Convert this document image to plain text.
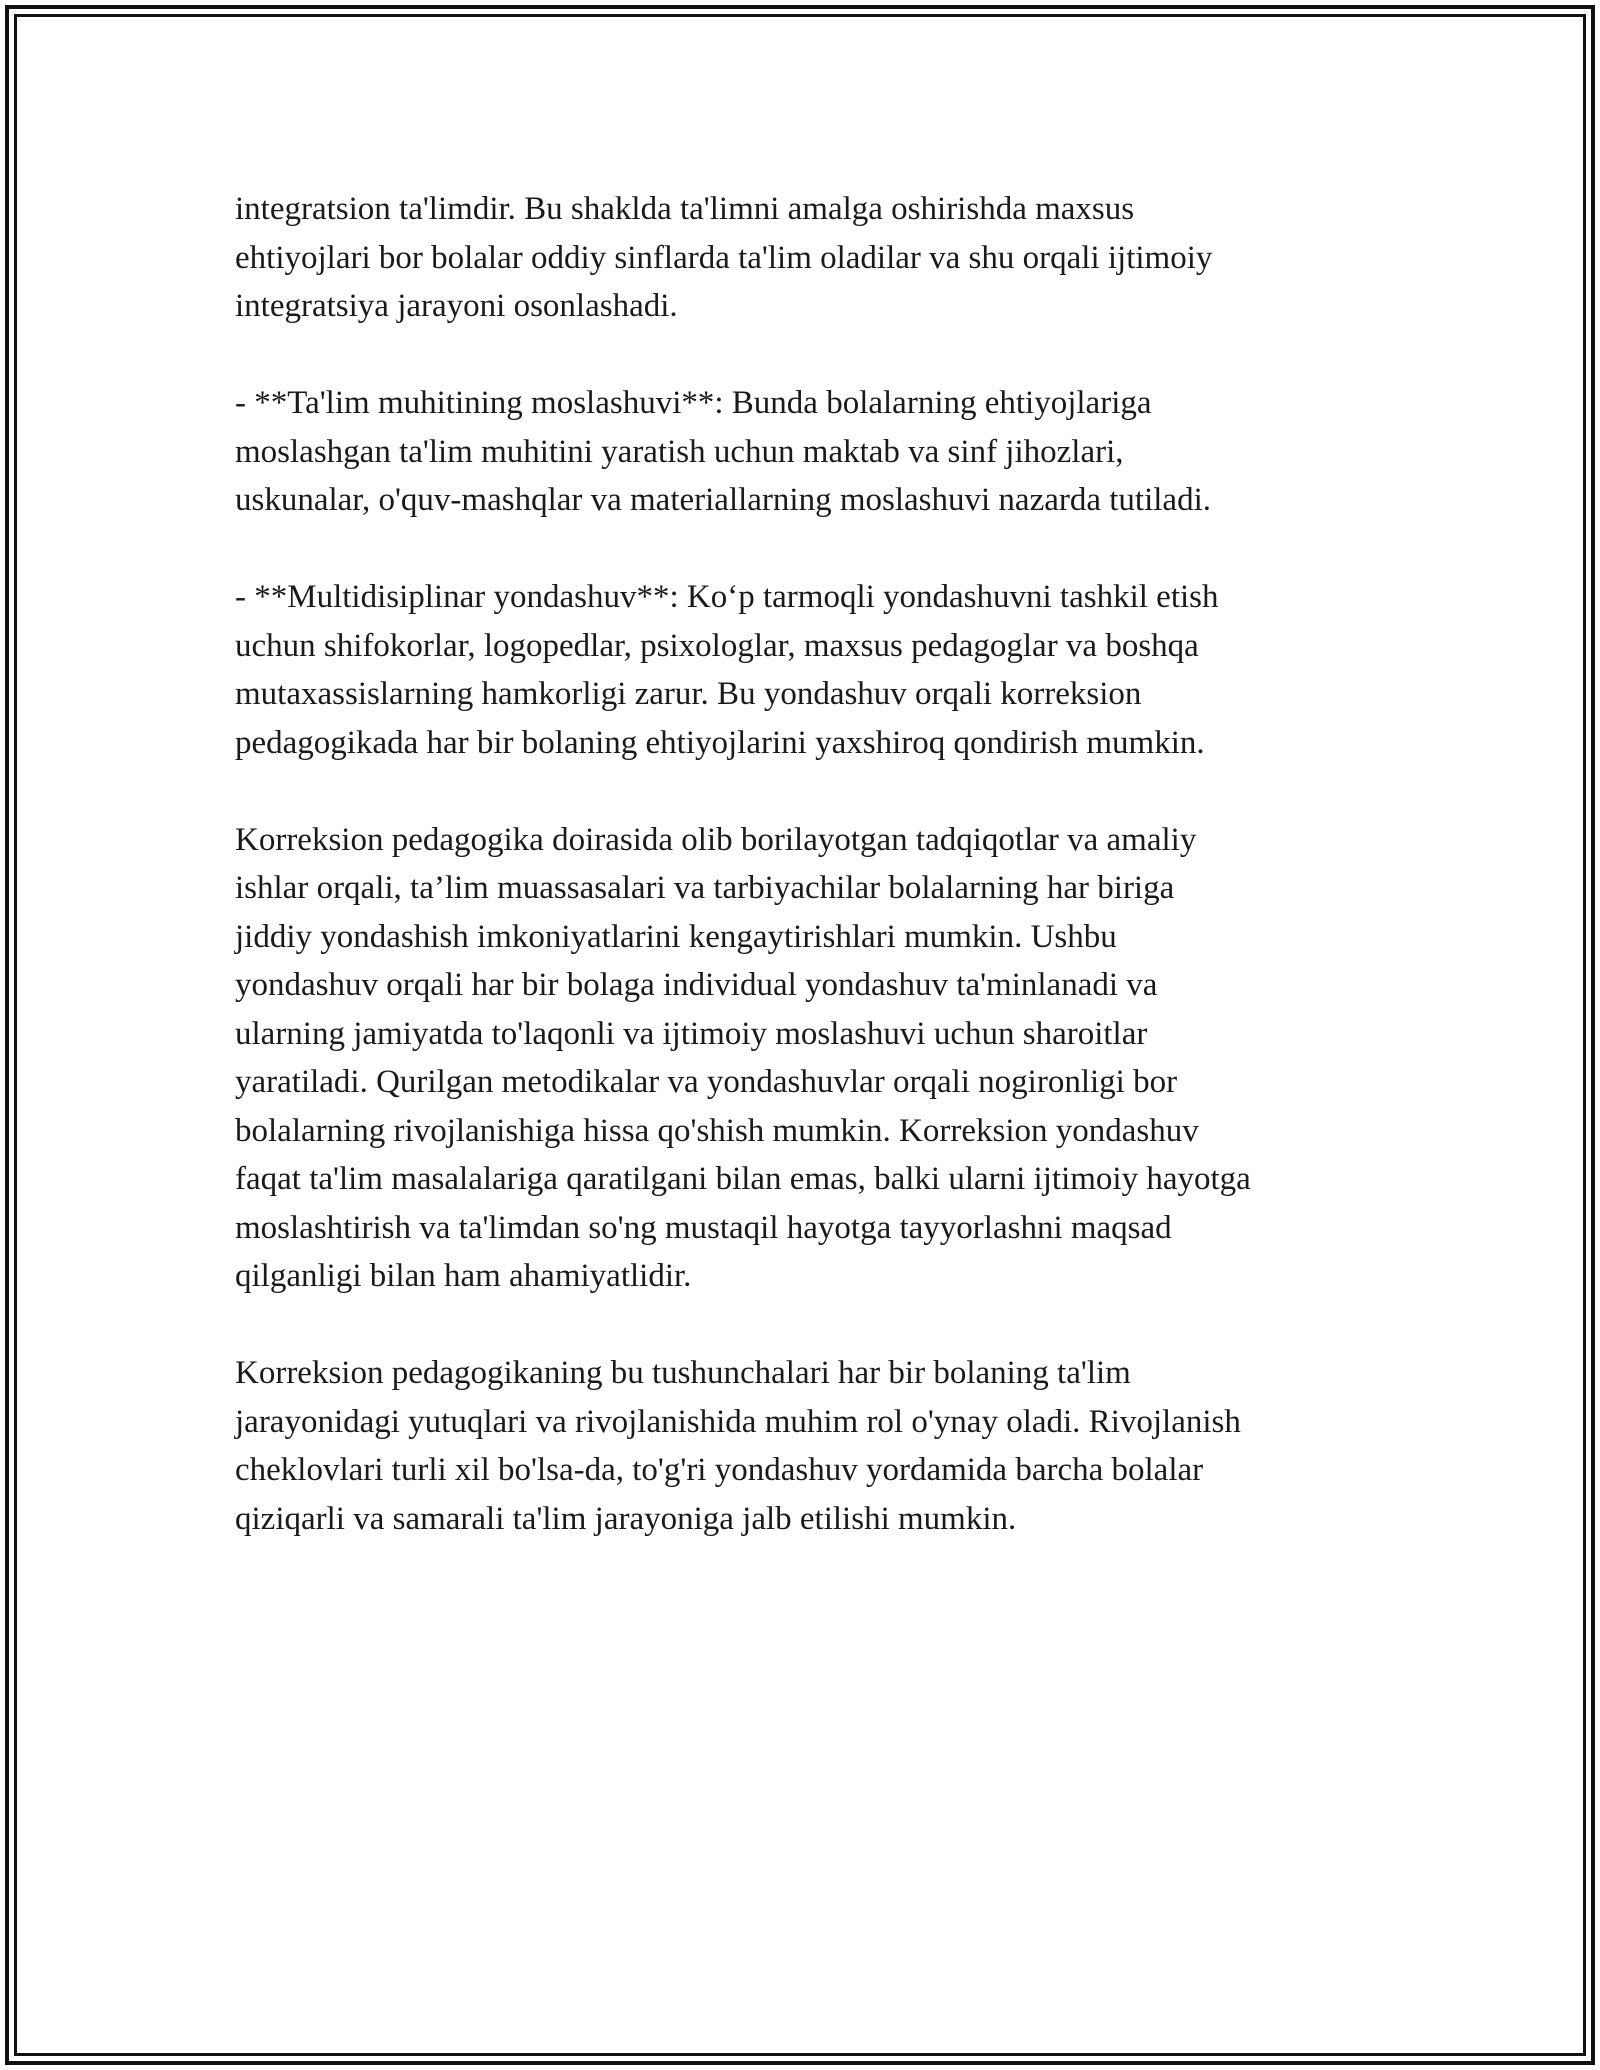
integratsion ta'limdir. Bu shaklda ta'limni amalga oshirishda maxsus
ehtiyojlari bor bolalar oddiy sinflarda ta'lim oladilar va shu orqali ijtimoiy
integratsiya jarayoni osonlashadi.
- **Ta'lim muhitining moslashuvi**: Bunda bolalarning ehtiyojlariga
moslashgan ta'lim muhitini yaratish uchun maktab va sinf jihozlari,
uskunalar, o'quv-mashqlar va materiallarning moslashuvi nazarda tutiladi.
- **Multidisiplinar yondashuv**: Ko‘p tarmoqli yondashuvni tashkil etish
uchun shifokorlar, logopedlar, psixologlar, maxsus pedagoglar va boshqa
mutaxassislarning hamkorligi zarur. Bu yondashuv orqali korreksion
pedagogikada har bir bolaning ehtiyojlarini yaxshiroq qondirish mumkin.
Korreksion pedagogika doirasida olib borilayotgan tadqiqotlar va amaliy
ishlar orqali, ta’lim muassasalari va tarbiyachilar bolalarning har biriga
jiddiy yondashish imkoniyatlarini kengaytirishlari mumkin. Ushbu
yondashuv orqali har bir bolaga individual yondashuv ta'minlanadi va
ularning jamiyatda to'laqonli va ijtimoiy moslashuvi uchun sharoitlar
yaratiladi. Qurilgan metodikalar va yondashuvlar orqali nogironligi bor
bolalarning rivojlanishiga hissa qo'shish mumkin. Korreksion yondashuv
faqat ta'lim masalalariga qaratilgani bilan emas, balki ularni ijtimoiy hayotga
moslashtirish va ta'limdan so'ng mustaqil hayotga tayyorlashni maqsad
qilganligi bilan ham ahamiyatlidir.
Korreksion pedagogikaning bu tushunchalari har bir bolaning ta'lim
jarayonidagi yutuqlari va rivojlanishida muhim rol o'ynay oladi. Rivojlanish
cheklovlari turli xil bo'lsa-da, to'g'ri yondashuv yordamida barcha bolalar
qiziqarli va samarali ta'lim jarayoniga jalb etilishi mumkin.
